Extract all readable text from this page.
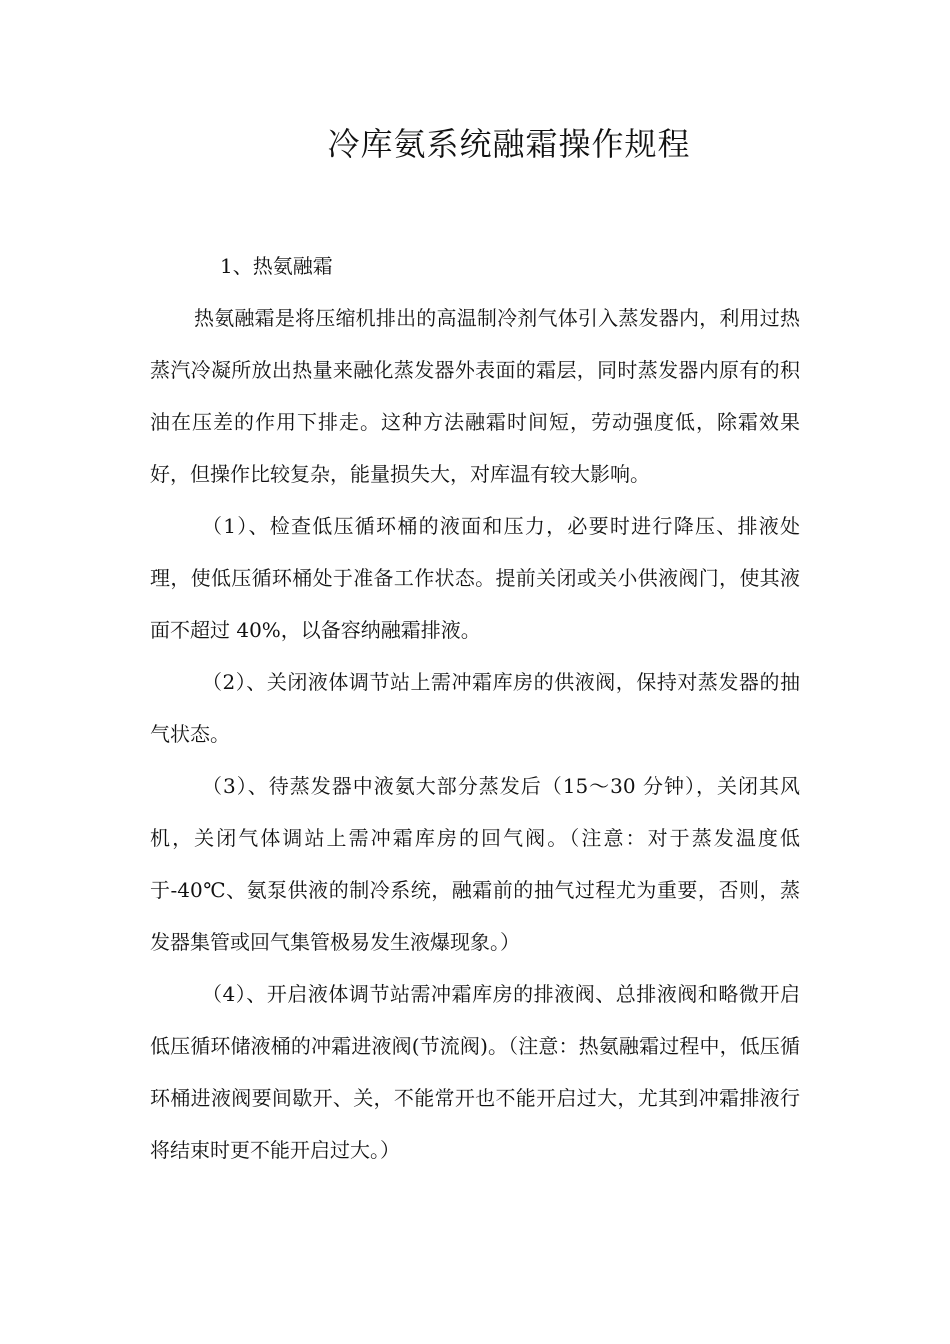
冷库氨系统融霜操作规程
1、热氨融霜

热氨融霜是将压缩机排出的高温制冷剂气体引入蒸发器内，利用过热蒸汽冷凝所放出热量来融化蒸发器外表面的霜层，同时蒸发器内原有的积油在压差的作用下排走。这种方法融霜时间短，劳动强度低，除霜效果好，但操作比较复杂，能量损失大，对库温有较大影响。

（1）、检查低压循环桶的液面和压力，必要时进行降压、排液处理，使低压循环桶处于准备工作状态。提前关闭或关小供液阀门，使其液面不超过 40%，以备容纳融霜排液。

（2）、关闭液体调节站上需冲霜库房的供液阀，保持对蒸发器的抽气状态。

（3）、待蒸发器中液氨大部分蒸发后（15～30 分钟），关闭其风机，关闭气体调站上需冲霜库房的回气阀。（注意：对于蒸发温度低于-40℃、氨泵供液的制冷系统，融霜前的抽气过程尤为重要，否则，蒸发器集管或回气集管极易发生液爆现象。）

（4）、开启液体调节站需冲霜库房的排液阀、总排液阀和略微开启低压循环储液桶的冲霜进液阀(节流阀)。（注意：热氨融霜过程中，低压循环桶进液阀要间歇开、关，不能常开也不能开启过大，尤其到冲霜排液行将结束时更不能开启过大。）
